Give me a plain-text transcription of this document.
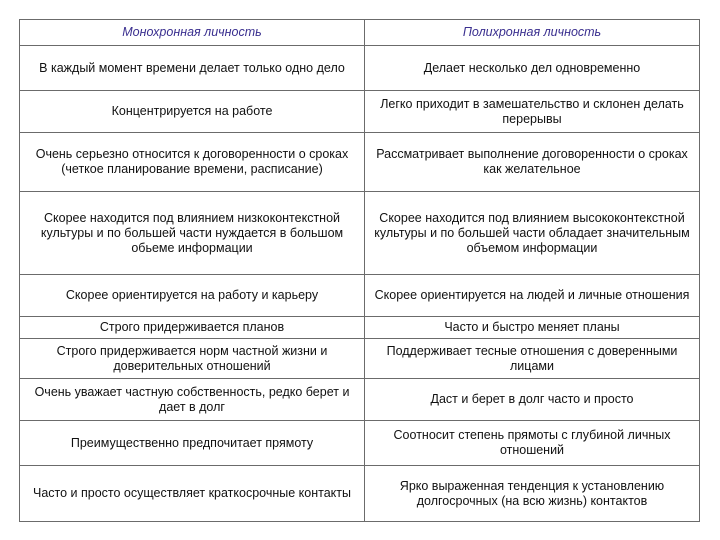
Монохронная личность	Полихронная личность
В каждый момент времени делает только одно дело	Делает несколько дел одновременно
Концентрируется на работе	Легко приходит в замешательство и склонен делать перерывы
Очень серьезно относится к договоренности о сроках (четкое планирование времени, расписание)	Рассматривает выполнение договоренности о сроках как желательное
Скорее находится под влиянием низкоконтекстной культуры и по большей части нуждается в большом обьеме информации	Скорее находится под влиянием высококонтекстной культуры и по большей части обладает значительным объемом информации
Скорее ориентируется на работу и карьеру	Скорее ориентируется на людей и личные отношения
Строго придерживается планов	Часто и быстро меняет планы
Строго придерживается норм частной жизни и доверительных отношений	Поддерживает тесные отношения с доверенными лицами
Очень уважает частную собственность, редко берет и дает в долг	Даст и берет в долг часто и просто
Преимущественно предпочитает прямоту	Соотносит степень прямоты с глубиной личных отношений
Часто и просто осуществляет краткосрочные контакты	Ярко выраженная тенденция к установлению долгосрочных (на всю жизнь) контактов
